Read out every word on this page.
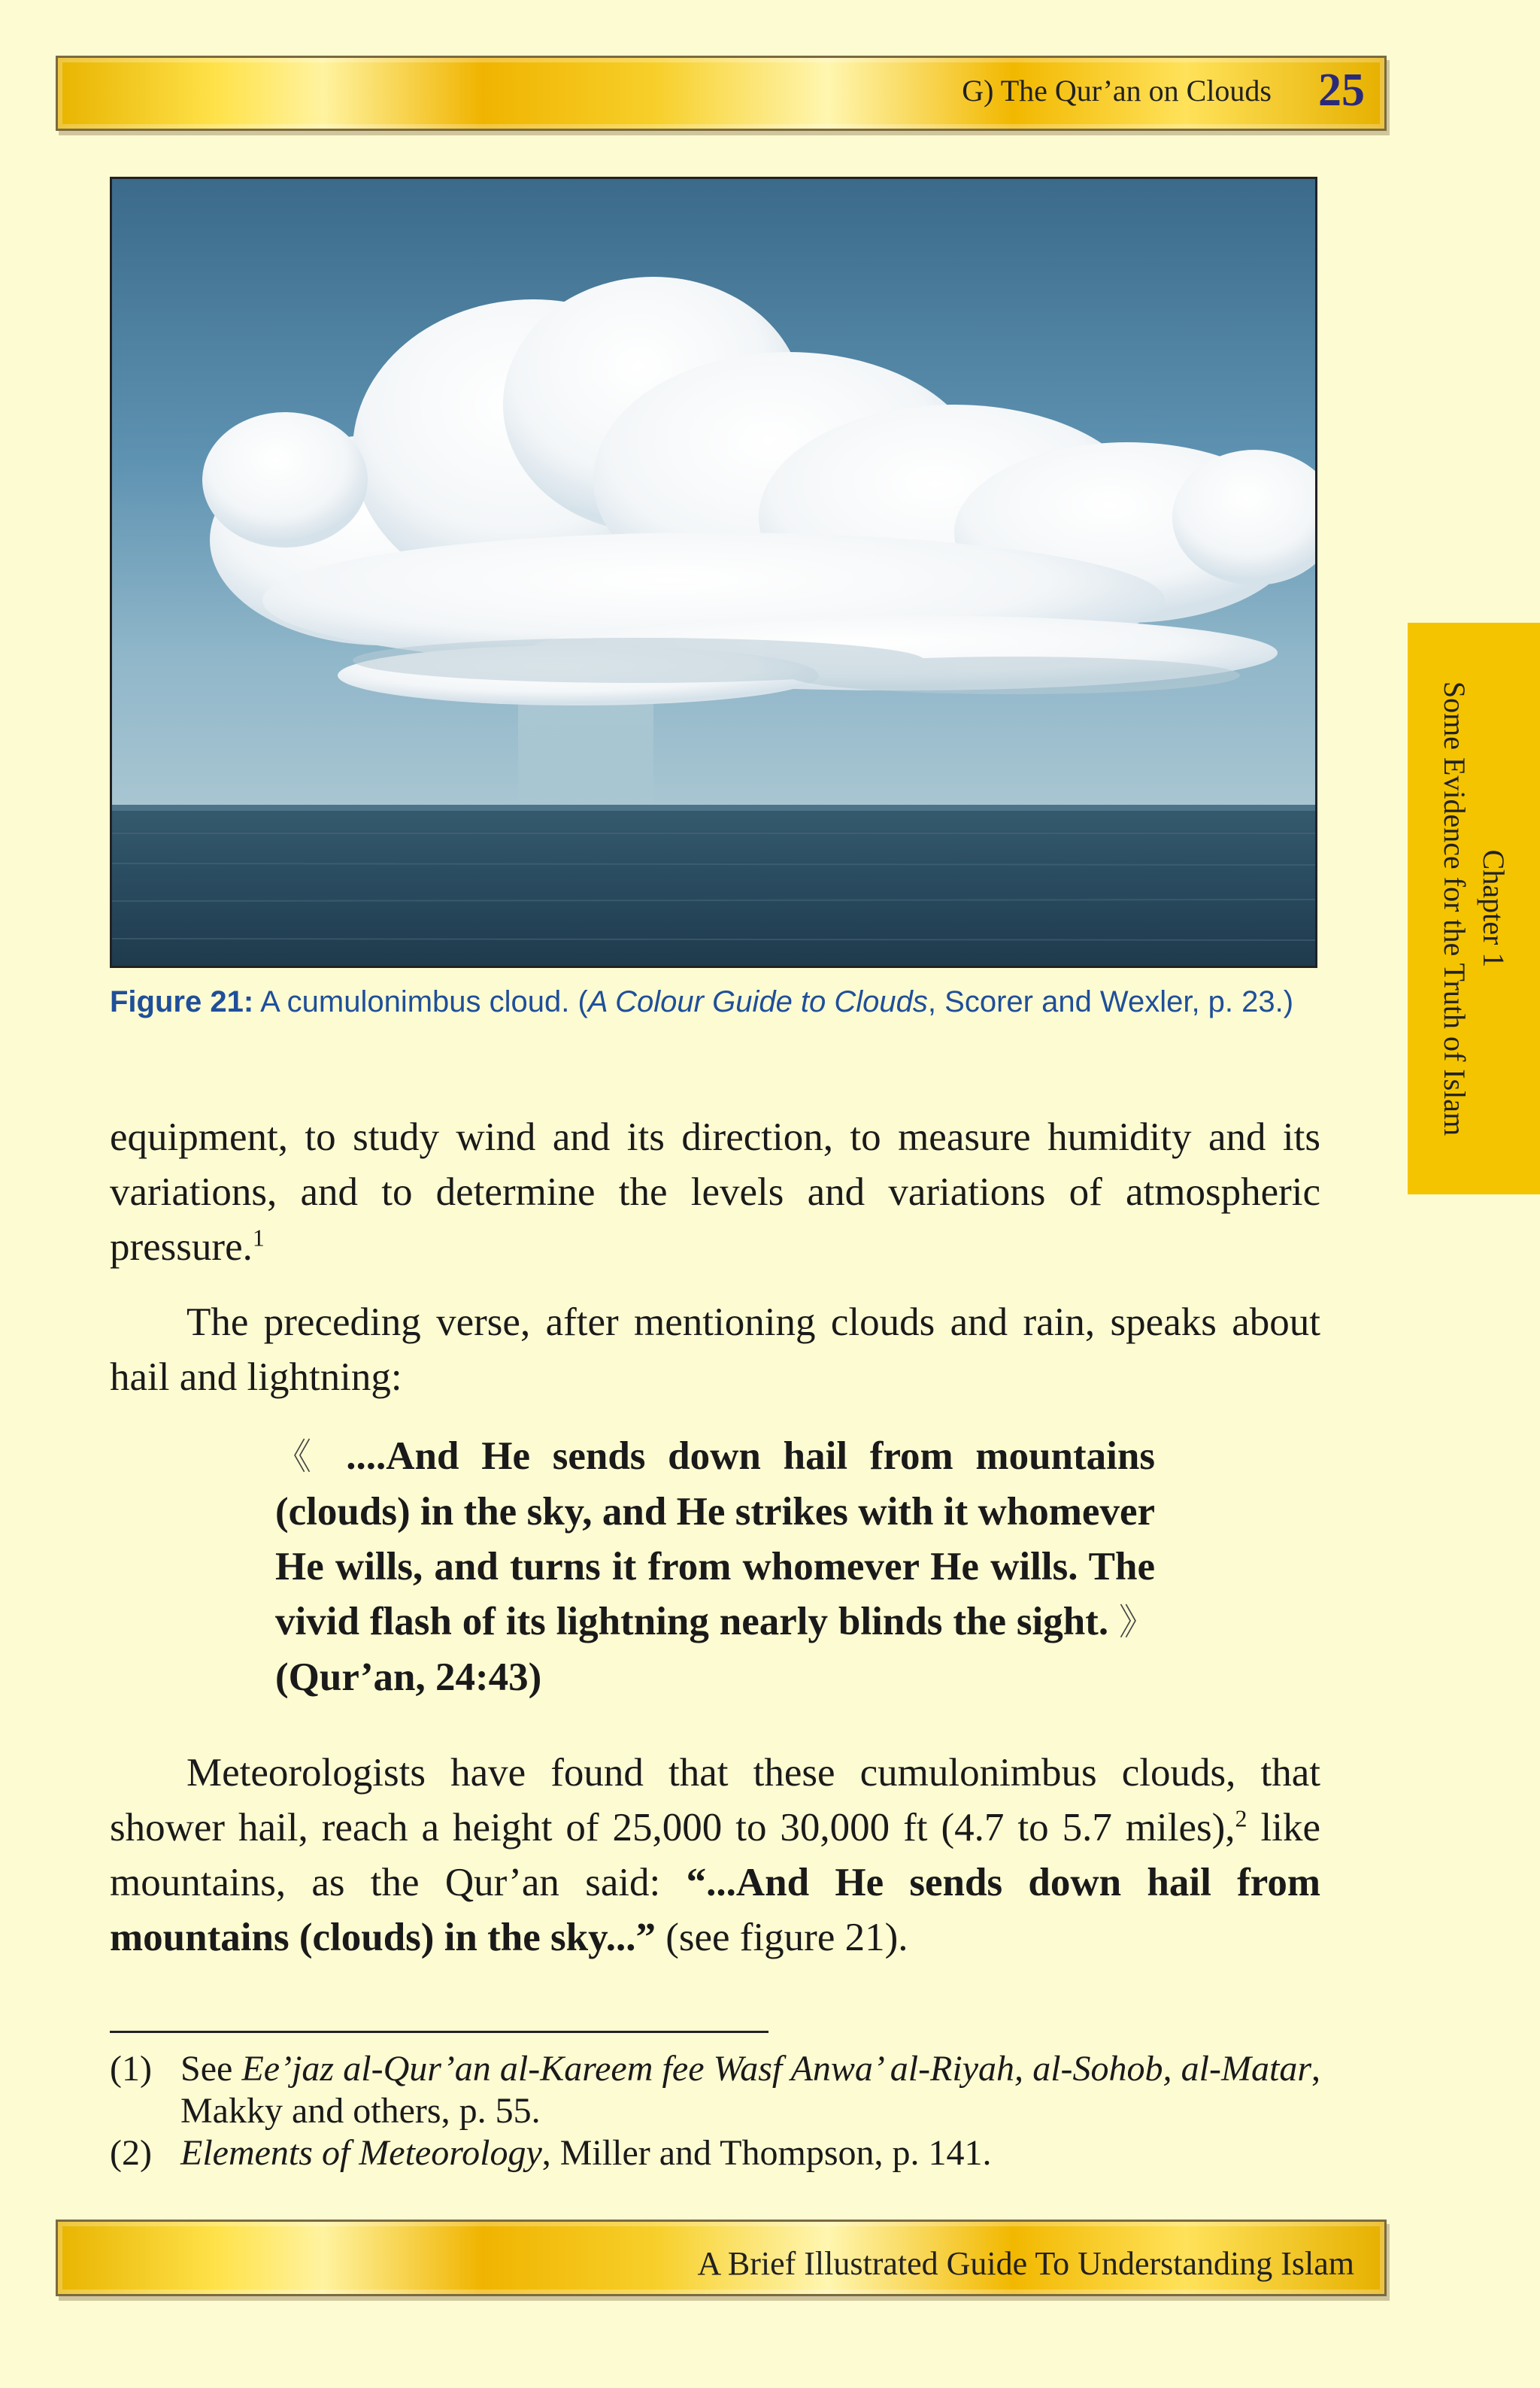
G) The Qur’an on Clouds 25
Chapter 1
Some Evidence for the Truth of Islam
Figure 21: A cumulonimbus cloud. (A Colour Guide to Clouds, Scorer and Wexler, p. 23.)
equipment, to study wind and its direction, to measure humidity and its variations, and to determine the levels and variations of atmospheric pressure.$^1$
The preceding verse, after mentioning clouds and rain, speaks about hail and lightning:
《 ....And He sends down hail from mountains (clouds) in the sky, and He strikes with it whomever He wills, and turns it from whomever He wills. The vivid flash of its lightning nearly blinds the sight. 》 (Qur’an, 24:43)
Meteorologists have found that these cumulonimbus clouds, that shower hail, reach a height of 25,000 to 30,000 ft (4.7 to 5.7 miles),$^2$ like mountains, as the Qur’an said: “...And He sends down hail from mountains (clouds) in the sky...” (see figure 21).
(1) See Ee’jaz al-Qur’an al-Kareem fee Wasf Anwa’ al-Riyah, al-Sohob, al-Matar, Makky and others, p. 55.
(2) Elements of Meteorology, Miller and Thompson, p. 141.
A Brief Illustrated Guide To Understanding Islam
